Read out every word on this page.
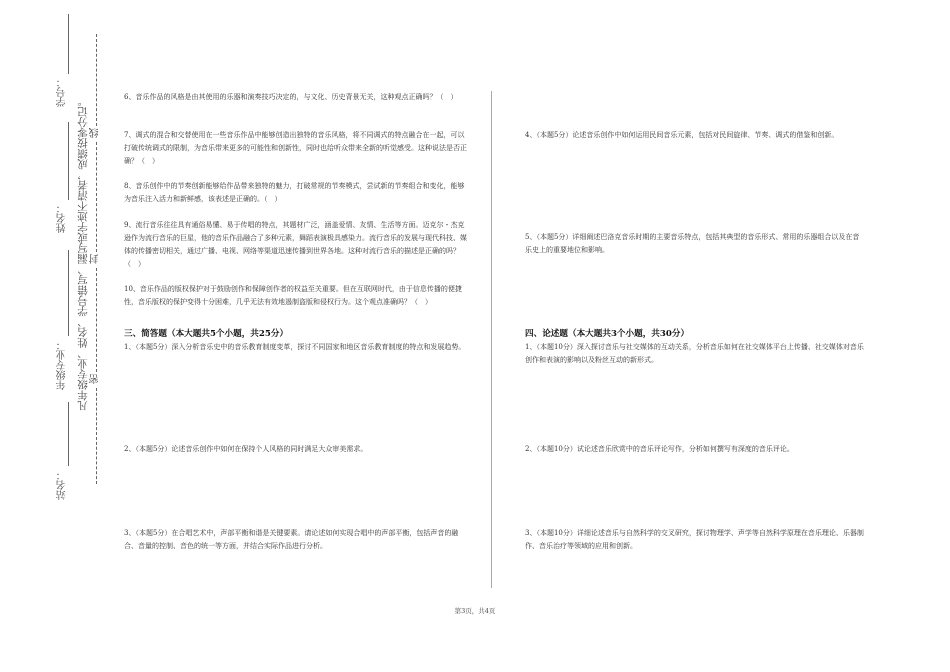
学号：
姓名：
年级专业：
站名：
凡年级专业、姓名、学号错写、漏写或字迹不清者，成绩按零分记。 线
封
密

6、音乐作品的风格是由其使用的乐器和演奏技巧决定的，与文化、历史背景无关，这种观点正确吗？（　）

7、调式的混合和交替使用在一些音乐作品中能够创造出独特的音乐风格，将不同调式的特点融合在一起，可以打破传统调式的限制，为音乐带来更多的可能性和创新性，同时也给听众带来全新的听觉感受。这种说法是否正确？（　）

8、音乐创作中的节奏创新能够给作品带来独特的魅力，打破常规的节奏模式，尝试新的节奏组合和变化，能够为音乐注入活力和新鲜感，该表述是正确的。（　）

9、流行音乐往往具有通俗易懂、易于传唱的特点，其题材广泛，涵盖爱情、友情、生活等方面。迈克尔・杰克逊作为流行音乐的巨星，他的音乐作品融合了多种元素，舞蹈表演极具感染力。流行音乐的发展与现代科技、媒体的传播密切相关，通过广播、电视、网络等渠道迅速传播到世界各地。这种对流行音乐的描述是正确的吗？（　）

10、音乐作品的版权保护对于鼓励创作和保障创作者的权益至关重要。但在互联网时代，由于信息传播的便捷性，音乐版权的保护变得十分困难，几乎无法有效地遏制盗版和侵权行为。这个观点准确吗？（　）

三、简答题（本大题共5个小题，共25分）

1、（本题5分）深入分析音乐史中的音乐教育制度变革，探讨不同国家和地区音乐教育制度的特点和发展趋势。

2、（本题5分）论述音乐创作中如何在保持个人风格的同时满足大众审美需求。

3、（本题5分）在合唱艺术中，声部平衡和谐是关键要素。请论述如何实现合唱中的声部平衡，包括声音的融合、音量的控制、音色的统一等方面，并结合实际作品进行分析。

4、（本题5分）论述音乐创作中如何运用民间音乐元素，包括对民间旋律、节奏、调式的借鉴和创新。

5、（本题5分）详细阐述巴洛克音乐时期的主要音乐特点，包括其典型的音乐形式、常用的乐器组合以及在音乐史上的重要地位和影响。

四、论述题（本大题共3个小题，共30分）

1、（本题10分）深入探讨音乐与社交媒体的互动关系，分析音乐如何在社交媒体平台上传播、社交媒体对音乐创作和表演的影响以及粉丝互动的新形式。

2、（本题10分）试论述音乐欣赏中的音乐评论写作，分析如何撰写有深度的音乐评论。

3、（本题10分）详细论述音乐与自然科学的交叉研究，探讨物理学、声学等自然科学原理在音乐理论、乐器制作、音乐治疗等领域的应用和创新。

第3页，共4页
